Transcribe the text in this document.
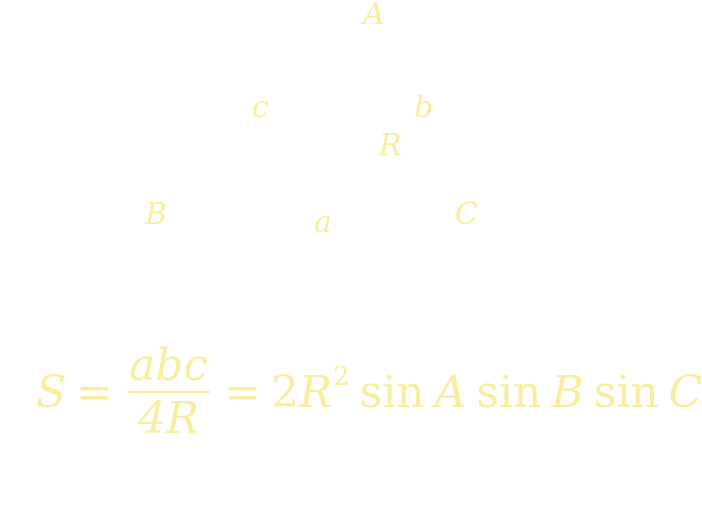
A
c	b
R
B	a	C
$S = \frac{\text{abc}}{4R} = 2$ R 2 sin A sin B sin C
